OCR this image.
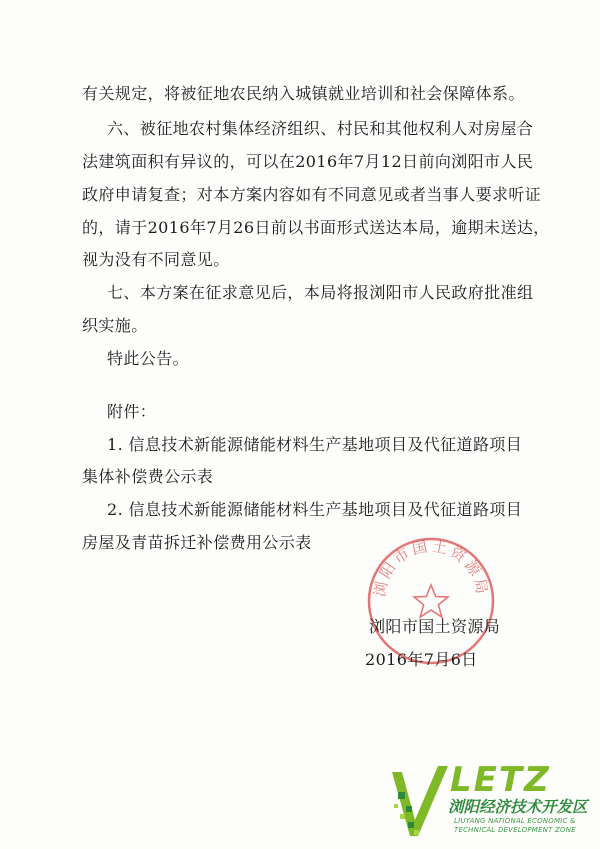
有关规定，将被征地农民纳入城镇就业培训和社会保障体系。
六、被征地农村集体经济组织、村民和其他权利人对房屋合
法建筑面积有异议的，可以在2016年7月12日前向浏阳市人民
政府申请复查；对本方案内容如有不同意见或者当事人要求听证
的，请于2016年7月26日前以书面形式送达本局，逾期未送达，
视为没有不同意见。
七、本方案在征求意见后，本局将报浏阳市人民政府批准组
织实施。
特此公告。
附件：
1. 信息技术新能源储能材料生产基地项目及代征道路项目
集体补偿费公示表
2. 信息技术新能源储能材料生产基地项目及代征道路项目
房屋及青苗拆迁补偿费用公示表
浏阳市国土资源局
浏阳市国土资源局
2016年7月6日
LETZ
浏阳经济技术开发区
LIUYANG NATIONAL ECONOMIC & TECHNICAL DEVELOPMENT ZONE
